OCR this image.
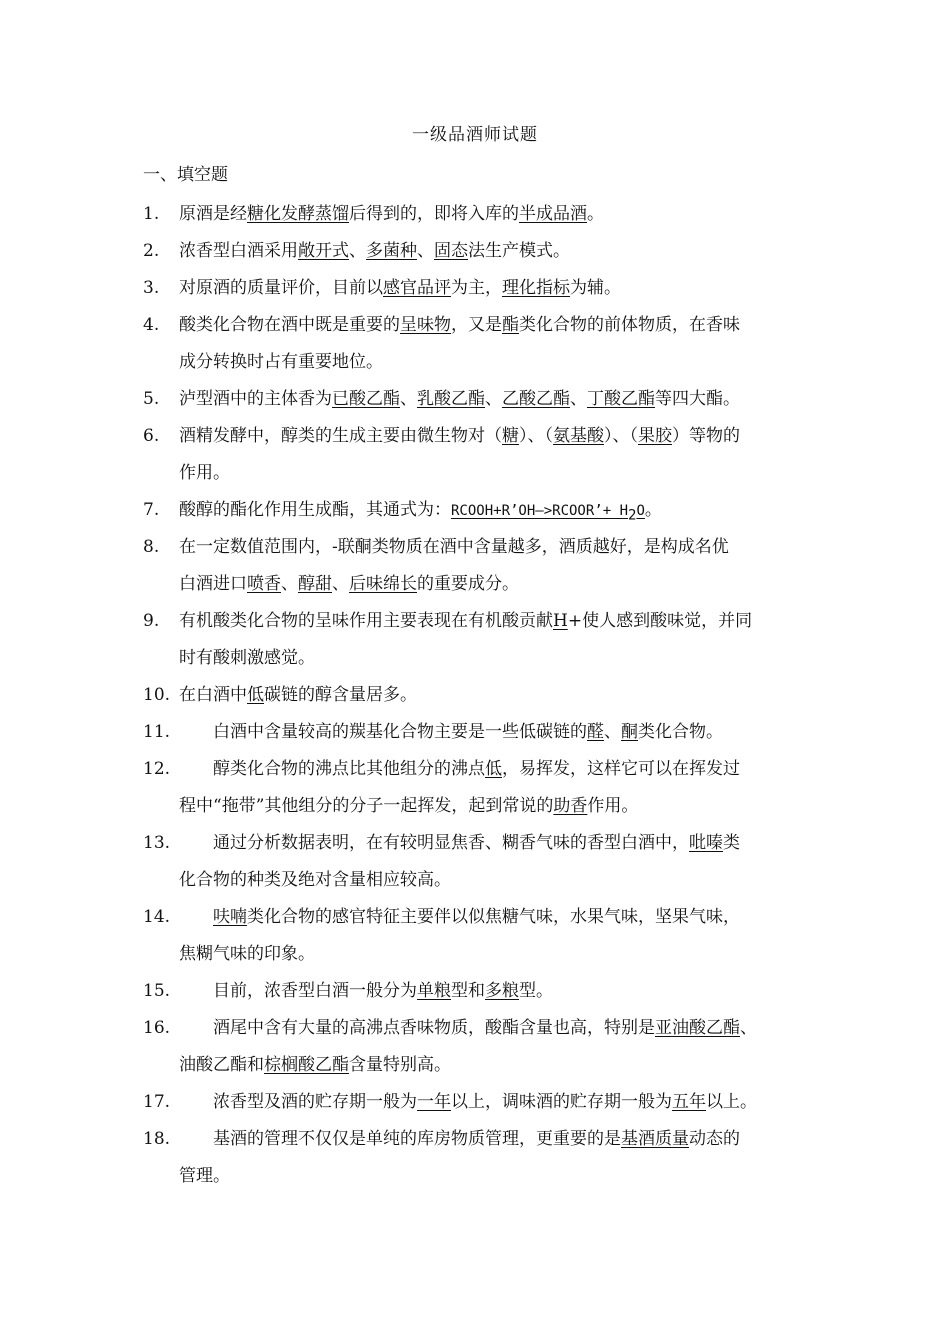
一级品酒师试题
一、填空题
1.	原酒是经糖化发酵蒸馏后得到的，即将入库的半成品酒。
2.	浓香型白酒采用敞开式、多菌种、固态法生产模式。
3.	对原酒的质量评价，目前以感官品评为主，理化指标为辅。
4.	酸类化合物在酒中既是重要的呈味物，又是酯类化合物的前体物质，在香味
成分转换时占有重要地位。
5.	泸型酒中的主体香为已酸乙酯、乳酸乙酯、乙酸乙酯、丁酸乙酯等四大酯。
6.	酒精发酵中，醇类的生成主要由微生物对（糖）、（氨基酸）、（果胶）等物的
作用。
7.	酸醇的酯化作用生成酯，其通式为：RCOOH+R’OH—>RCOOR’+ $H_2O$。
8.	在一定数值范围内，-联酮类物质在酒中含量越多，酒质越好，是构成名优
白酒进口喷香、醇甜、后味绵长的重要成分。
9.	有机酸类化合物的呈味作用主要表现在有机酸贡献H+使人感到酸味觉，并同
时有酸刺激感觉。
10. 在白酒中低碳链的醇含量居多。
11.	白酒中含量较高的羰基化合物主要是一些低碳链的醛、酮类化合物。
12.	醇类化合物的沸点比其他组分的沸点低，易挥发，这样它可以在挥发过
程中“拖带”其他组分的分子一起挥发，起到常说的助香作用。
13.	通过分析数据表明，在有较明显焦香、糊香气味的香型白酒中，吡嗪类
化合物的种类及绝对含量相应较高。
14.	呋喃类化合物的感官特征主要伴以似焦糖气味，水果气味，坚果气味，
焦糊气味的印象。
15.	目前，浓香型白酒一般分为单粮型和多粮型。
16.	酒尾中含有大量的高沸点香味物质，酸酯含量也高，特别是亚油酸乙酯、
油酸乙酯和棕榈酸乙酯含量特别高。
17.	浓香型及酒的贮存期一般为一年以上，调味酒的贮存期一般为五年以上。
18.	基酒的管理不仅仅是单纯的库房物质管理，更重要的是基酒质量动态的
管理。
